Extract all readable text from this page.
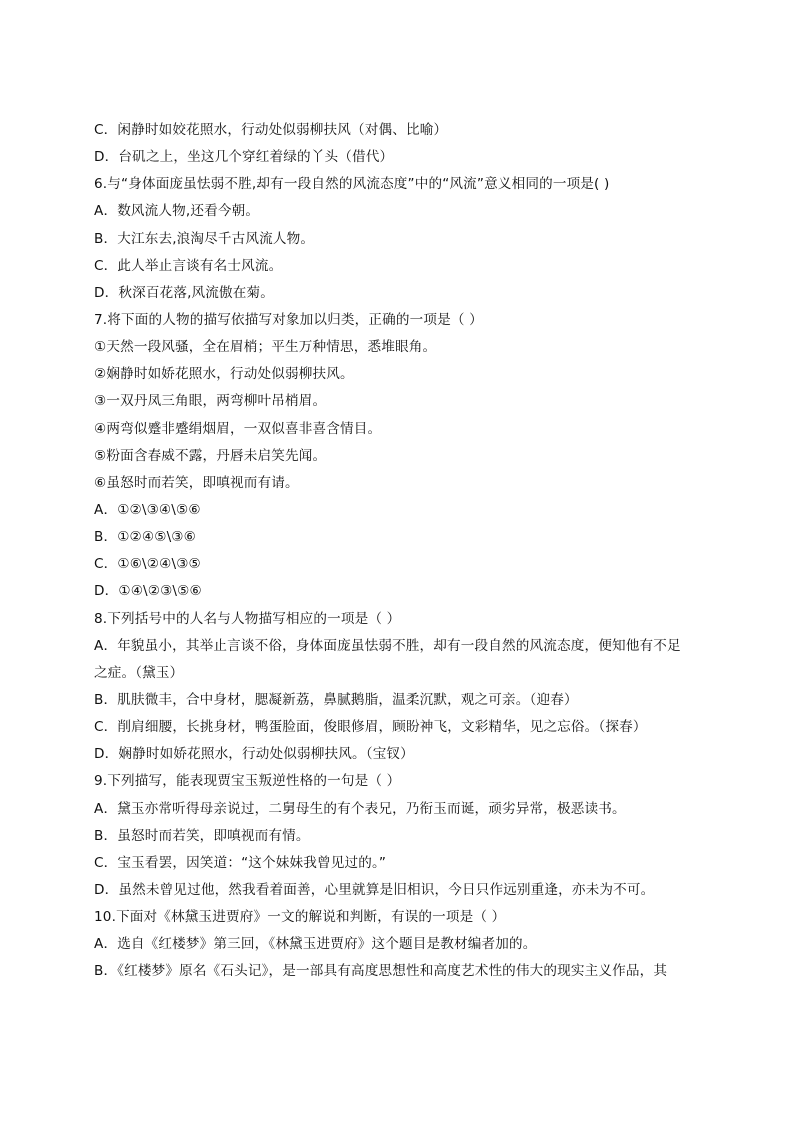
C．闲静时如姣花照水，行动处似弱柳扶风（对偶、比喻）
D．台矶之上，坐这几个穿红着绿的丫头（借代）
6.与“身体面庞虽怯弱不胜,却有一段自然的风流态度”中的“风流”意义相同的一项是( )
A．数风流人物,还看今朝。
B．大江东去,浪淘尽千古风流人物。
C．此人举止言谈有名士风流。
D．秋深百花落,风流傲在菊。
7.将下面的人物的描写依描写对象加以归类，正确的一项是（ ）
①天然一段风骚，全在眉梢；平生万种情思，悉堆眼角。
②娴静时如娇花照水，行动处似弱柳扶风。
③一双丹凤三角眼，两弯柳叶吊梢眉。
④两弯似蹙非蹙绢烟眉，一双似喜非喜含情目。
⑤粉面含春威不露，丹唇未启笑先闻。
⑥虽怒时而若笑，即嗔视而有请。
A．①②\③④\⑤⑥
B．①②④⑤\③⑥
C．①⑥\②④\③⑤
D．①④\②③\⑤⑥
8.下列括号中的人名与人物描写相应的一项是（ ）
A．年貌虽小，其举止言谈不俗，身体面庞虽怯弱不胜，却有一段自然的风流态度，便知他有不足
之症。（黛玉）
B．肌肤微丰，合中身材，腮凝新荔，鼻腻鹅脂，温柔沉默，观之可亲。（迎春）
C．削肩细腰，长挑身材，鸭蛋脸面，俊眼修眉，顾盼神飞，文彩精华，见之忘俗。（探春）
D．娴静时如娇花照水，行动处似弱柳扶风。（宝钗）
9.下列描写，能表现贾宝玉叛逆性格的一句是（ ）
A．黛玉亦常听得母亲说过，二舅母生的有个表兄，乃衔玉而诞，顽劣异常，极恶读书。
B．虽怒时而若笑，即嗔视而有情。
C．宝玉看罢，因笑道：“这个妹妹我曾见过的。”
D．虽然未曾见过他，然我看着面善，心里就算是旧相识，今日只作远别重逢，亦未为不可。
10.下面对《林黛玉进贾府》一文的解说和判断，有误的一项是（ ）
A．选自《红楼梦》第三回，《林黛玉进贾府》这个题目是教材编者加的。
B．《红楼梦》原名《石头记》，是一部具有高度思想性和高度艺术性的伟大的现实主义作品，其
